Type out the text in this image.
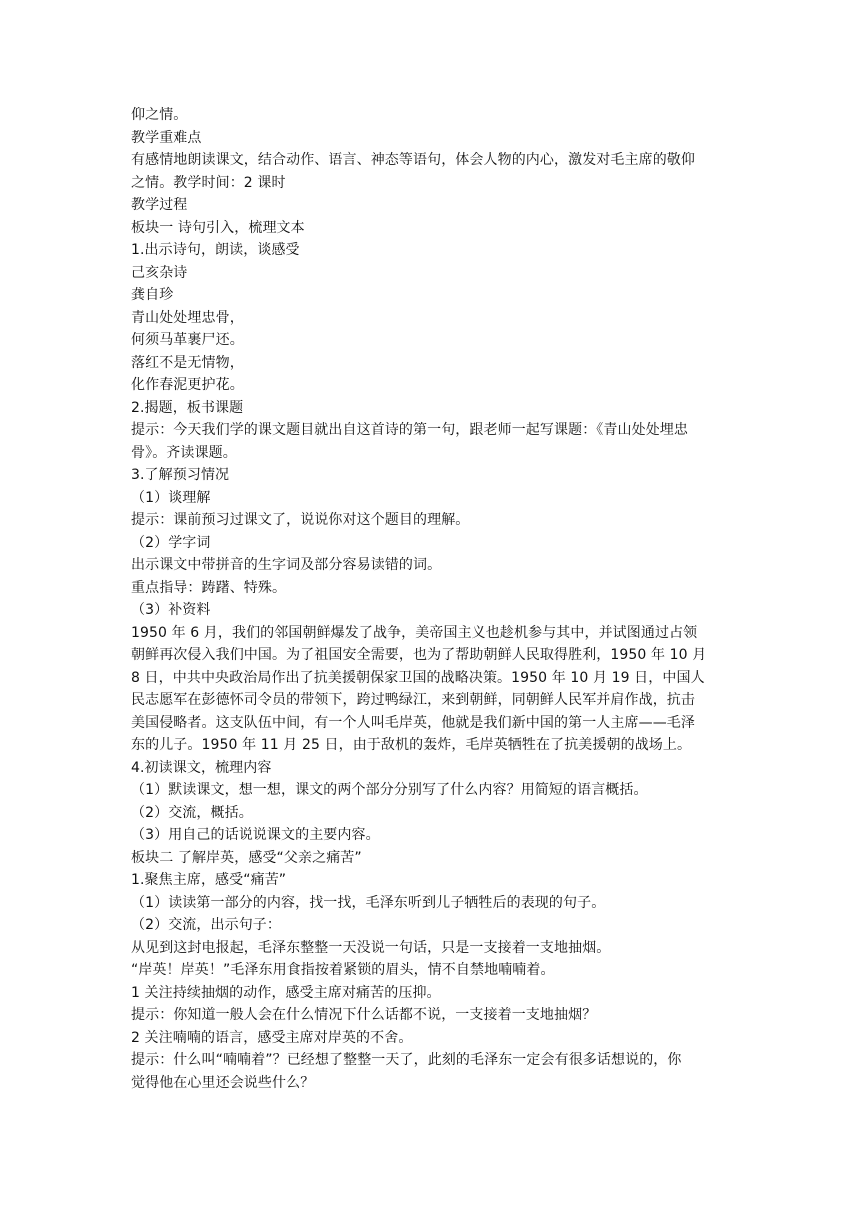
仰之情。

教学重难点

有感情地朗读课文，结合动作、语言、神态等语句，体会人物的内心，激发对毛主席的敬仰

之情。教学时间：2 课时

教学过程

板块一 诗句引入，梳理文本

1.出示诗句，朗读，谈感受

己亥杂诗

龚自珍

青山处处埋忠骨，

何须马革裹尸还。

落红不是无情物，

化作春泥更护花。

2.揭题，板书课题

提示：今天我们学的课文题目就出自这首诗的第一句，跟老师一起写课题：《青山处处埋忠

骨》。齐读课题。

3.了解预习情况

（1）谈理解

提示：课前预习过课文了，说说你对这个题目的理解。

（2）学字词

出示课文中带拼音的生字词及部分容易读错的词。

重点指导：踌躇、特殊。

（3）补资料

1950 年 6 月，我们的邻国朝鲜爆发了战争，美帝国主义也趁机参与其中，并试图通过占领

朝鲜再次侵入我们中国。为了祖国安全需要，也为了帮助朝鲜人民取得胜利，1950 年 10 月

8 日，中共中央政治局作出了抗美援朝保家卫国的战略决策。1950 年 10 月 19 日，中国人

民志愿军在彭德怀司令员的带领下，跨过鸭绿江，来到朝鲜，同朝鲜人民军并肩作战，抗击

美国侵略者。这支队伍中间，有一个人叫毛岸英，他就是我们新中国的第一人主席——毛泽

东的儿子。1950 年 11 月 25 日，由于敌机的轰炸，毛岸英牺牲在了抗美援朝的战场上。

4.初读课文，梳理内容

（1）默读课文，想一想，课文的两个部分分别写了什么内容？用简短的语言概括。

（2）交流，概括。

（3）用自己的话说说课文的主要内容。

板块二 了解岸英，感受“父亲之痛苦”

1.聚焦主席，感受“痛苦”

（1）读读第一部分的内容，找一找，毛泽东听到儿子牺牲后的表现的句子。

（2）交流，出示句子：

从见到这封电报起，毛泽东整整一天没说一句话，只是一支接着一支地抽烟。

“岸英！岸英！”毛泽东用食指按着紧锁的眉头，情不自禁地喃喃着。

1 关注持续抽烟的动作，感受主席对痛苦的压抑。

提示：你知道一般人会在什么情况下什么话都不说，一支接着一支地抽烟？

2 关注喃喃的语言，感受主席对岸英的不舍。

提示：什么叫“喃喃着”？已经想了整整一天了，此刻的毛泽东一定会有很多话想说的，你

觉得他在心里还会说些什么？
